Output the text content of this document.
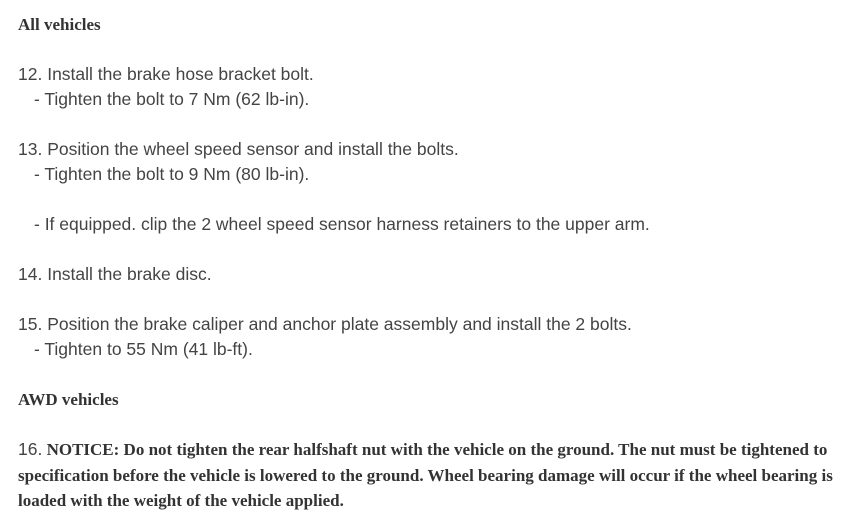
All vehicles
12. Install the brake hose bracket bolt.
- Tighten the bolt to 7 Nm (62 lb-in).
13. Position the wheel speed sensor and install the bolts.
- Tighten the bolt to 9 Nm (80 lb-in).
- If equipped. clip the 2 wheel speed sensor harness retainers to the upper arm.
14. Install the brake disc.
15. Position the brake caliper and anchor plate assembly and install the 2 bolts.
- Tighten to 55 Nm (41 lb-ft).
AWD vehicles
16. NOTICE: Do not tighten the rear halfshaft nut with the vehicle on the ground. The nut must be tightened to specification before the vehicle is lowered to the ground. Wheel bearing damage will occur if the wheel bearing is loaded with the weight of the vehicle applied.
